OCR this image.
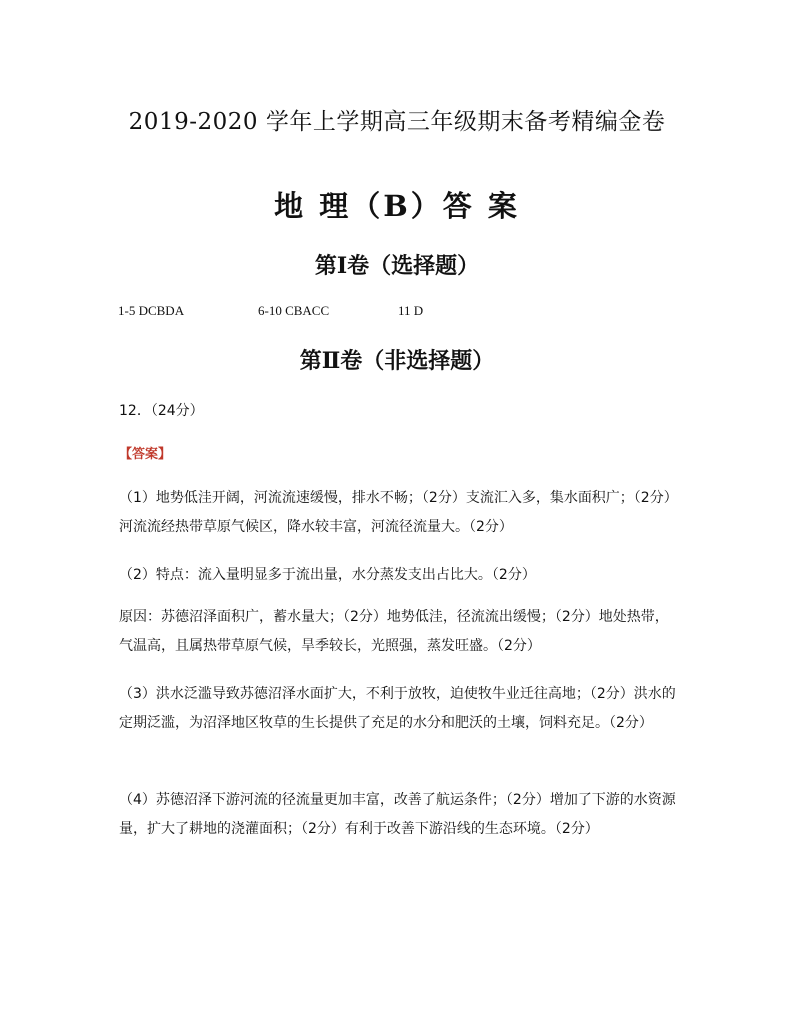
2019-2020 学年上学期高三年级期末备考精编金卷
地 理（B）答 案
第Ⅰ卷（选择题）
1-5 DCBDA	6-10 CBACC	11 D
第Ⅱ卷（非选择题）
12．（24分）
【答案】
（1）地势低洼开阔，河流流速缓慢，排水不畅；（2分）支流汇入多，集水面积广；（2分）河流流经热带草原气候区，降水较丰富，河流径流量大。（2分）
（2）特点：流入量明显多于流出量，水分蒸发支出占比大。（2分）
原因：苏德沼泽面积广，蓄水量大；（2分）地势低洼，径流流出缓慢；（2分）地处热带，气温高，且属热带草原气候，旱季较长，光照强，蒸发旺盛。（2分）
（3）洪水泛滥导致苏德沼泽水面扩大，不利于放牧，迫使牧牛业迁往高地；（2分）洪水的定期泛滥，为沼泽地区牧草的生长提供了充足的水分和肥沃的土壤，饲料充足。（2分）
（4）苏德沼泽下游河流的径流量更加丰富，改善了航运条件；（2分）增加了下游的水资源量，扩大了耕地的浇灌面积；（2分）有利于改善下游沿线的生态环境。（2分）
